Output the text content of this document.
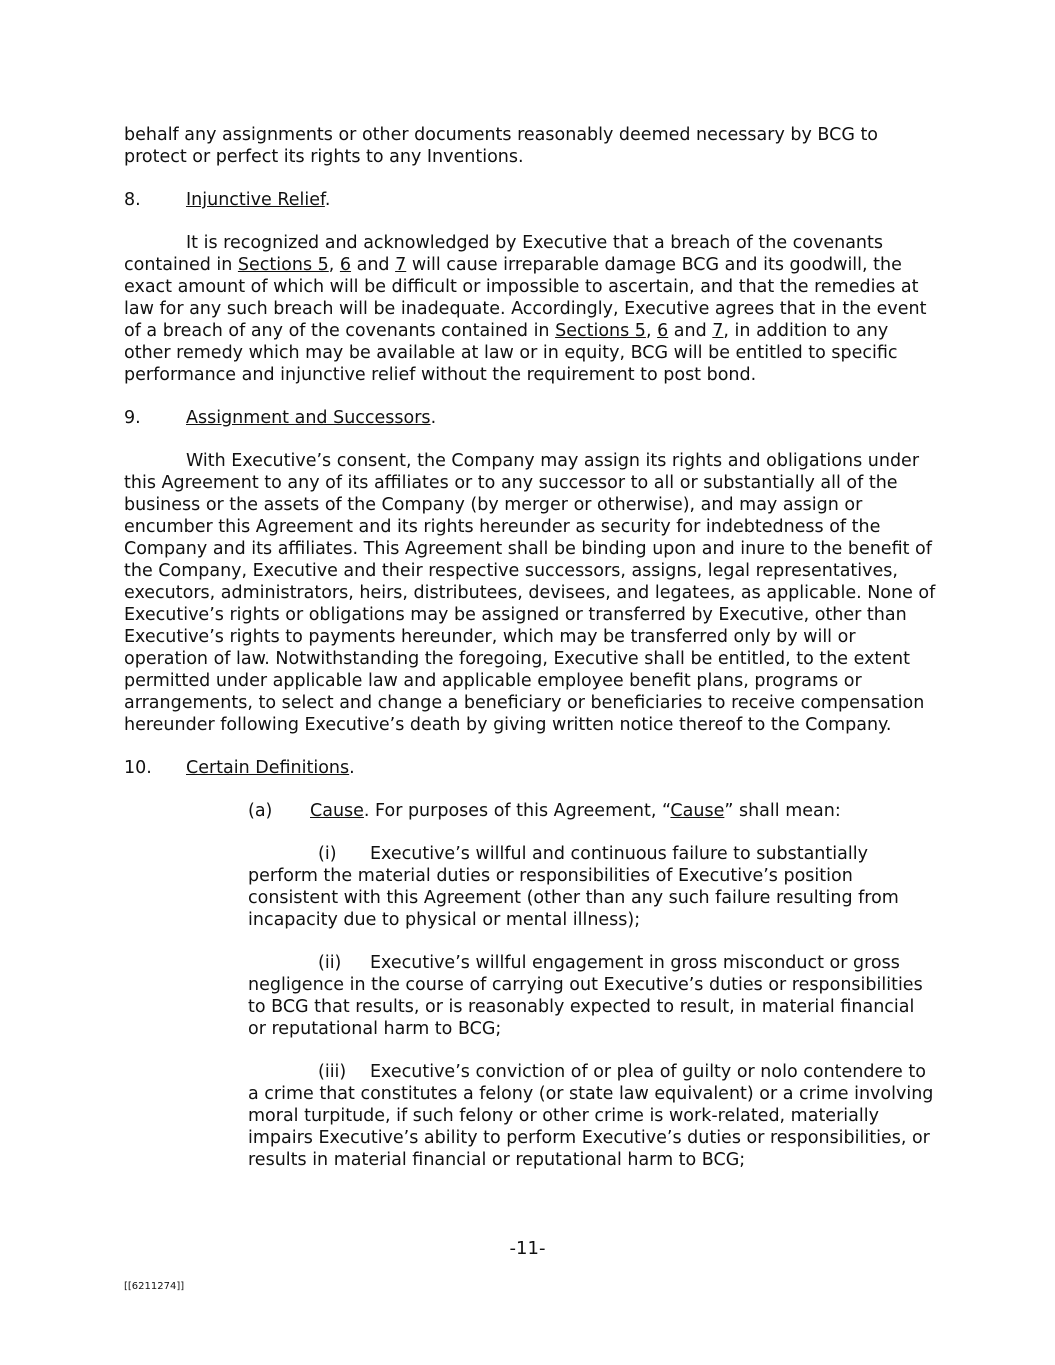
behalf any assignments or other documents reasonably deemed necessary by BCG to protect or perfect its rights to any Inventions.

8.	Injunctive Relief.

It is recognized and acknowledged by Executive that a breach of the covenants contained in Sections 5, 6 and 7 will cause irreparable damage BCG and its goodwill, the exact amount of which will be difficult or impossible to ascertain, and that the remedies at law for any such breach will be inadequate. Accordingly, Executive agrees that in the event of a breach of any of the covenants contained in Sections 5, 6 and 7, in addition to any other remedy which may be available at law or in equity, BCG will be entitled to specific performance and injunctive relief without the requirement to post bond.

9.	Assignment and Successors.

With Executive’s consent, the Company may assign its rights and obligations under this Agreement to any of its affiliates or to any successor to all or substantially all of the business or the assets of the Company (by merger or otherwise), and may assign or encumber this Agreement and its rights hereunder as security for indebtedness of the Company and its affiliates. This Agreement shall be binding upon and inure to the benefit of the Company, Executive and their respective successors, assigns, legal representatives, executors, administrators, heirs, distributees, devisees, and legatees, as applicable. None of Executive’s rights or obligations may be assigned or transferred by Executive, other than Executive’s rights to payments hereunder, which may be transferred only by will or operation of law. Notwithstanding the foregoing, Executive shall be entitled, to the extent permitted under applicable law and applicable employee benefit plans, programs or arrangements, to select and change a beneficiary or beneficiaries to receive compensation hereunder following Executive’s death by giving written notice thereof to the Company.

10.	Certain Definitions.

(a) Cause. For purposes of this Agreement, “Cause” shall mean:

(i) Executive’s willful and continuous failure to substantially perform the material duties or responsibilities of Executive’s position consistent with this Agreement (other than any such failure resulting from incapacity due to physical or mental illness);

(ii) Executive’s willful engagement in gross misconduct or gross negligence in the course of carrying out Executive’s duties or responsibilities to BCG that results, or is reasonably expected to result, in material financial or reputational harm to BCG;

(iii) Executive’s conviction of or plea of guilty or nolo contendere to a crime that constitutes a felony (or state law equivalent) or a crime involving moral turpitude, if such felony or other crime is work-related, materially impairs Executive’s ability to perform Executive’s duties or responsibilities, or results in material financial or reputational harm to BCG;

-11-
[[6211274]]
